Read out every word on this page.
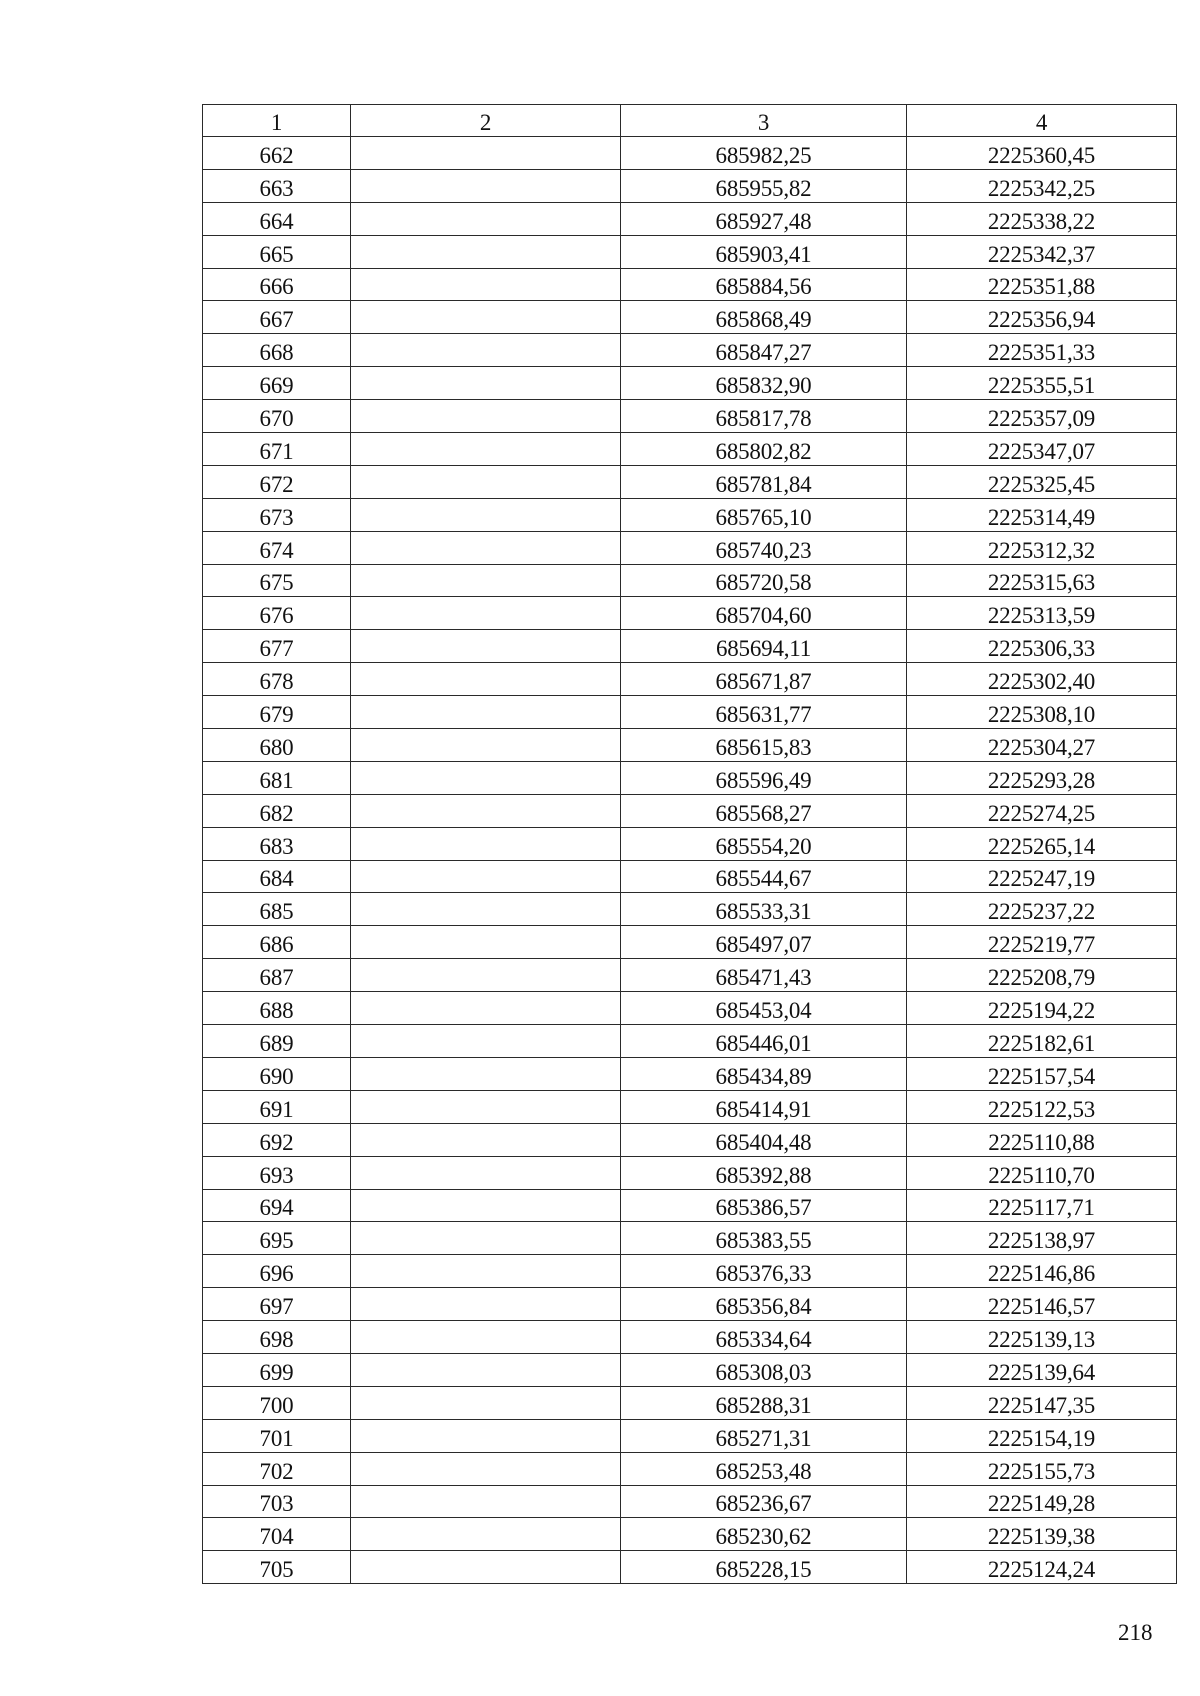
1	2	3	4
662		685982,25	2225360,45
663		685955,82	2225342,25
664		685927,48	2225338,22
665		685903,41	2225342,37
666		685884,56	2225351,88
667		685868,49	2225356,94
668		685847,27	2225351,33
669		685832,90	2225355,51
670		685817,78	2225357,09
671		685802,82	2225347,07
672		685781,84	2225325,45
673		685765,10	2225314,49
674		685740,23	2225312,32
675		685720,58	2225315,63
676		685704,60	2225313,59
677		685694,11	2225306,33
678		685671,87	2225302,40
679		685631,77	2225308,10
680		685615,83	2225304,27
681		685596,49	2225293,28
682		685568,27	2225274,25
683		685554,20	2225265,14
684		685544,67	2225247,19
685		685533,31	2225237,22
686		685497,07	2225219,77
687		685471,43	2225208,79
688		685453,04	2225194,22
689		685446,01	2225182,61
690		685434,89	2225157,54
691		685414,91	2225122,53
692		685404,48	2225110,88
693		685392,88	2225110,70
694		685386,57	2225117,71
695		685383,55	2225138,97
696		685376,33	2225146,86
697		685356,84	2225146,57
698		685334,64	2225139,13
699		685308,03	2225139,64
700		685288,31	2225147,35
701		685271,31	2225154,19
702		685253,48	2225155,73
703		685236,67	2225149,28
704		685230,62	2225139,38
705		685228,15	2225124,24
218
